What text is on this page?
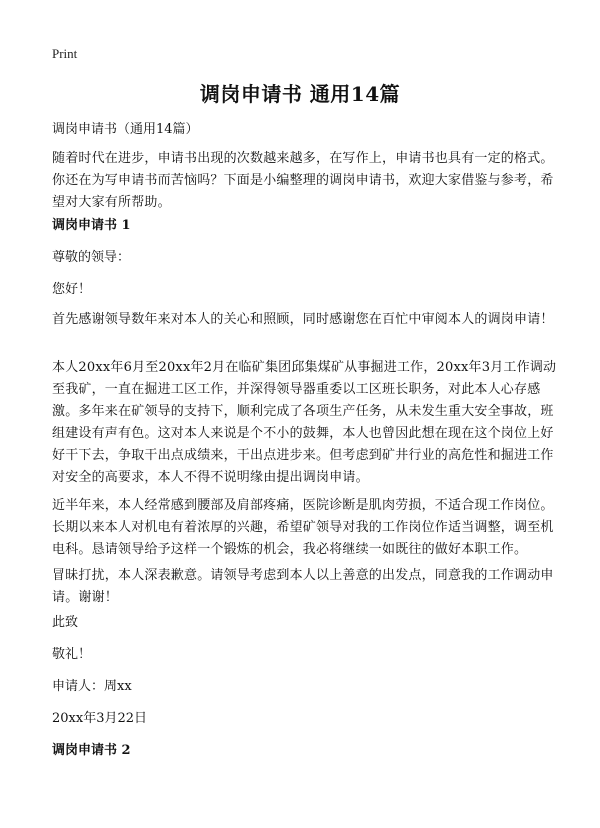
Print
调岗申请书 通用14篇
调岗申请书（通用14篇）

随着时代在进步，申请书出现的次数越来越多，在写作上，申请书也具有一定的格式。你还在为写申请书而苦恼吗？下面是小编整理的调岗申请书，欢迎大家借鉴与参考，希望对大家有所帮助。

调岗申请书 1
尊敬的领导：
您好！

首先感谢领导数年来对本人的关心和照顾，同时感谢您在百忙中审阅本人的调岗申请！

本人20xx年6月至20xx年2月在临矿集团邱集煤矿从事掘进工作，20xx年3月工作调动至我矿，一直在掘进工区工作，并深得领导器重委以工区班长职务，对此本人心存感激。多年来在矿领导的支持下，顺利完成了各项生产任务，从未发生重大安全事故，班组建设有声有色。这对本人来说是个不小的鼓舞，本人也曾因此想在现在这个岗位上好好干下去，争取干出点成绩来，干出点进步来。但考虑到矿井行业的高危性和掘进工作对安全的高要求，本人不得不说明缘由提出调岗申请。

近半年来，本人经常感到腰部及肩部疼痛，医院诊断是肌肉劳损，不适合现工作岗位。长期以来本人对机电有着浓厚的兴趣，希望矿领导对我的工作岗位作适当调整，调至机电科。恳请领导给予这样一个锻炼的机会，我必将继续一如既往的做好本职工作。

冒昧打扰，本人深表歉意。请领导考虑到本人以上善意的出发点，同意我的工作调动申请。谢谢！

此致
敬礼！
申请人：周xx
20xx年3月22日
调岗申请书 2
